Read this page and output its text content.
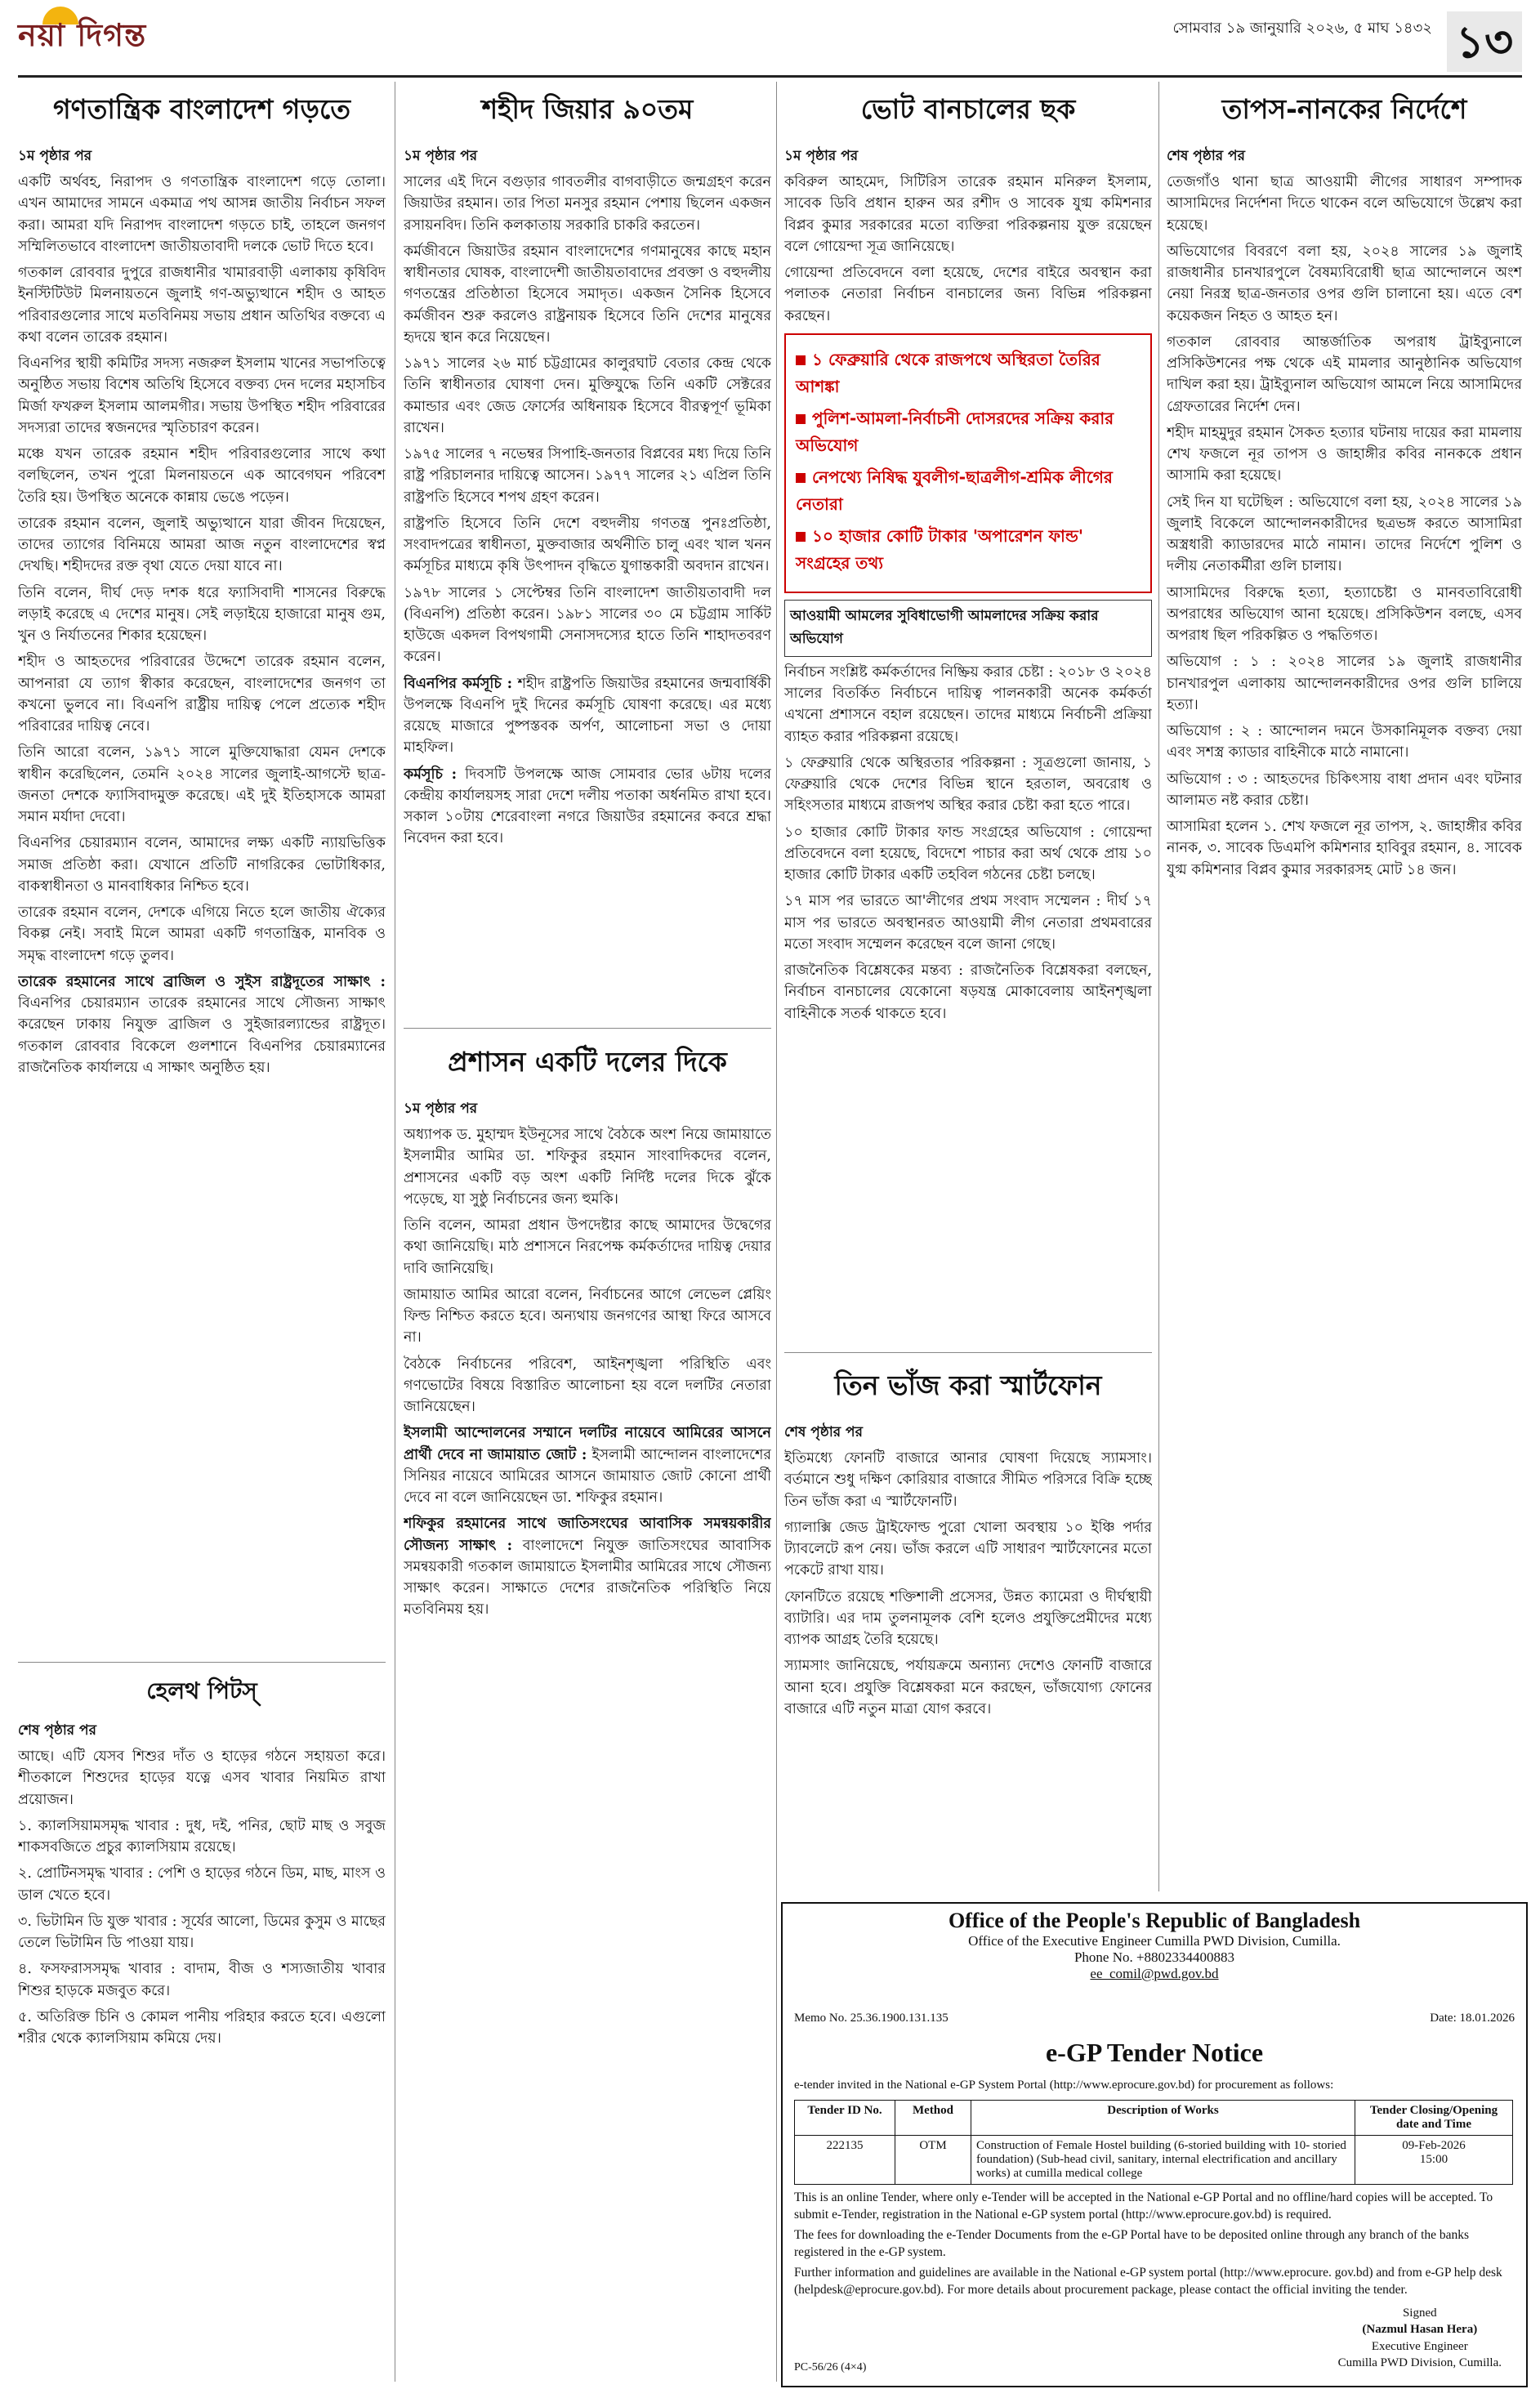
নয়া দিগন্ত	সোমবার ১৯ জানুয়ারি ২০২৬, ৫ মাঘ ১৪৩২ ১৩
গণতান্ত্রিক বাংলাদেশ গড়তে
১ম পৃষ্ঠার পর

একটি অর্থবহ, নিরাপদ ও গণতান্ত্রিক বাংলাদেশ গড়ে তোলা। এখন আমাদের সামনে একমাত্র পথ আসন্ন জাতীয় নির্বাচন সফল করা। আমরা যদি নিরাপদ বাংলাদেশ গড়তে চাই, তাহলে জনগণ সম্মিলিতভাবে বাংলাদেশ জাতীয়তাবাদী দলকে ভোট দিতে হবে।

গতকাল রোববার দুপুরে রাজধানীর খামারবাড়ী এলাকায় কৃষিবিদ ইনস্টিটিউট মিলনায়তনে জুলাই গণ-অভ্যুত্থানে শহীদ ও আহত পরিবারগুলোর সাথে মতবিনিময় সভায় প্রধান অতিথির বক্তব্যে এ কথা বলেন তারেক রহমান।

বিএনপির স্থায়ী কমিটির সদস্য নজরুল ইসলাম খানের সভাপতিত্বে অনুষ্ঠিত সভায় বিশেষ অতিথি হিসেবে বক্তব্য দেন দলের মহাসচিব মির্জা ফখরুল ইসলাম আলমগীর। সভায় উপস্থিত শহীদ পরিবারের সদস্যরা তাদের স্বজনদের স্মৃতিচারণ করেন।

মঞ্চে যখন তারেক রহমান শহীদ পরিবারগুলোর সাথে কথা বলছিলেন, তখন পুরো মিলনায়তনে এক আবেগঘন পরিবেশ তৈরি হয়। উপস্থিত অনেকে কান্নায় ভেঙে পড়েন।

তারেক রহমান বলেন, জুলাই অভ্যুত্থানে যারা জীবন দিয়েছেন, তাদের ত্যাগের বিনিময়ে আমরা আজ নতুন বাংলাদেশের স্বপ্ন দেখছি। শহীদদের রক্ত বৃথা যেতে দেয়া যাবে না।

তিনি বলেন, দীর্ঘ দেড় দশক ধরে ফ্যাসিবাদী শাসনের বিরুদ্ধে লড়াই করেছে এ দেশের মানুষ। সেই লড়াইয়ে হাজারো মানুষ গুম, খুন ও নির্যাতনের শিকার হয়েছেন।

শহীদ ও আহতদের পরিবারের উদ্দেশে তারেক রহমান বলেন, আপনারা যে ত্যাগ স্বীকার করেছেন, বাংলাদেশের জনগণ তা কখনো ভুলবে না। বিএনপি রাষ্ট্রীয় দায়িত্ব পেলে প্রত্যেক শহীদ পরিবারের দায়িত্ব নেবে।

তিনি আরো বলেন, ১৯৭১ সালে মুক্তিযোদ্ধারা যেমন দেশকে স্বাধীন করেছিলেন, তেমনি ২০২৪ সালের জুলাই-আগস্টে ছাত্র-জনতা দেশকে ফ্যাসিবাদমুক্ত করেছে। এই দুই ইতিহাসকে আমরা সমান মর্যাদা দেবো।

বিএনপির চেয়ারম্যান বলেন, আমাদের লক্ষ্য একটি ন্যায়ভিত্তিক সমাজ প্রতিষ্ঠা করা। যেখানে প্রতিটি নাগরিকের ভোটাধিকার, বাকস্বাধীনতা ও মানবাধিকার নিশ্চিত হবে।

তারেক রহমান বলেন, দেশকে এগিয়ে নিতে হলে জাতীয় ঐক্যের বিকল্প নেই। সবাই মিলে আমরা একটি গণতান্ত্রিক, মানবিক ও সমৃদ্ধ বাংলাদেশ গড়ে তুলব।

তারেক রহমানের সাথে ব্রাজিল ও সুইস রাষ্ট্রদূতের সাক্ষাৎ : বিএনপির চেয়ারম্যান তারেক রহমানের সাথে সৌজন্য সাক্ষাৎ করেছেন ঢাকায় নিযুক্ত ব্রাজিল ও সুইজারল্যান্ডের রাষ্ট্রদূত। গতকাল রোববার বিকেলে গুলশানে বিএনপির চেয়ারম্যানের রাজনৈতিক কার্যালয়ে এ সাক্ষাৎ অনুষ্ঠিত হয়।

হেলথ পিটস্
শেষ পৃষ্ঠার পর

আছে। এটি যেসব শিশুর দাঁত ও হাড়ের গঠনে সহায়তা করে। শীতকালে শিশুদের হাড়ের যত্নে এসব খাবার নিয়মিত রাখা প্রয়োজন।

১. ক্যালসিয়ামসমৃদ্ধ খাবার : দুধ, দই, পনির, ছোট মাছ ও সবুজ শাকসবজিতে প্রচুর ক্যালসিয়াম রয়েছে।

২. প্রোটিনসমৃদ্ধ খাবার : পেশি ও হাড়ের গঠনে ডিম, মাছ, মাংস ও ডাল খেতে হবে।

৩. ভিটামিন ডি যুক্ত খাবার : সূর্যের আলো, ডিমের কুসুম ও মাছের তেলে ভিটামিন ডি পাওয়া যায়।

৪. ফসফরাসসমৃদ্ধ খাবার : বাদাম, বীজ ও শস্যজাতীয় খাবার শিশুর হাড়কে মজবুত করে।

৫. অতিরিক্ত চিনি ও কোমল পানীয় পরিহার করতে হবে। এগুলো শরীর থেকে ক্যালসিয়াম কমিয়ে দেয়।

শহীদ জিয়ার ৯০তম
১ম পৃষ্ঠার পর

সালের এই দিনে বগুড়ার গাবতলীর বাগবাড়ীতে জন্মগ্রহণ করেন জিয়াউর রহমান। তার পিতা মনসুর রহমান পেশায় ছিলেন একজন রসায়নবিদ। তিনি কলকাতায় সরকারি চাকরি করতেন।

কর্মজীবনে জিয়াউর রহমান বাংলাদেশের গণমানুষের কাছে মহান স্বাধীনতার ঘোষক, বাংলাদেশী জাতীয়তাবাদের প্রবক্তা ও বহুদলীয় গণতন্ত্রের প্রতিষ্ঠাতা হিসেবে সমাদৃত। একজন সৈনিক হিসেবে কর্মজীবন শুরু করলেও রাষ্ট্রনায়ক হিসেবে তিনি দেশের মানুষের হৃদয়ে স্থান করে নিয়েছেন।

১৯৭১ সালের ২৬ মার্চ চট্টগ্রামের কালুরঘাট বেতার কেন্দ্র থেকে তিনি স্বাধীনতার ঘোষণা দেন। মুক্তিযুদ্ধে তিনি একটি সেক্টরের কমান্ডার এবং জেড ফোর্সের অধিনায়ক হিসেবে বীরত্বপূর্ণ ভূমিকা রাখেন।

১৯৭৫ সালের ৭ নভেম্বর সিপাহি-জনতার বিপ্লবের মধ্য দিয়ে তিনি রাষ্ট্র পরিচালনার দায়িত্বে আসেন। ১৯৭৭ সালের ২১ এপ্রিল তিনি রাষ্ট্রপতি হিসেবে শপথ গ্রহণ করেন।

রাষ্ট্রপতি হিসেবে তিনি দেশে বহুদলীয় গণতন্ত্র পুনঃপ্রতিষ্ঠা, সংবাদপত্রের স্বাধীনতা, মুক্তবাজার অর্থনীতি চালু এবং খাল খনন কর্মসূচির মাধ্যমে কৃষি উৎপাদন বৃদ্ধিতে যুগান্তকারী অবদান রাখেন।

১৯৭৮ সালের ১ সেপ্টেম্বর তিনি বাংলাদেশ জাতীয়তাবাদী দল (বিএনপি) প্রতিষ্ঠা করেন। ১৯৮১ সালের ৩০ মে চট্টগ্রাম সার্কিট হাউজে একদল বিপথগামী সেনাসদস্যের হাতে তিনি শাহাদতবরণ করেন।

বিএনপির কর্মসূচি : শহীদ রাষ্ট্রপতি জিয়াউর রহমানের জন্মবার্ষিকী উপলক্ষে বিএনপি দুই দিনের কর্মসূচি ঘোষণা করেছে। এর মধ্যে রয়েছে মাজারে পুষ্পস্তবক অর্পণ, আলোচনা সভা ও দোয়া মাহফিল।

কর্মসূচি : দিবসটি উপলক্ষে আজ সোমবার ভোর ৬টায় দলের কেন্দ্রীয় কার্যালয়সহ সারা দেশে দলীয় পতাকা অর্ধনমিত রাখা হবে। সকাল ১০টায় শেরেবাংলা নগরে জিয়াউর রহমানের কবরে শ্রদ্ধা নিবেদন করা হবে।

প্রশাসন একটি দলের দিকে
১ম পৃষ্ঠার পর

অধ্যাপক ড. মুহাম্মদ ইউনূসের সাথে বৈঠকে অংশ নিয়ে জামায়াতে ইসলামীর আমির ডা. শফিকুর রহমান সাংবাদিকদের বলেন, প্রশাসনের একটি বড় অংশ একটি নির্দিষ্ট দলের দিকে ঝুঁকে পড়েছে, যা সুষ্ঠু নির্বাচনের জন্য হুমকি।

তিনি বলেন, আমরা প্রধান উপদেষ্টার কাছে আমাদের উদ্বেগের কথা জানিয়েছি। মাঠ প্রশাসনে নিরপেক্ষ কর্মকর্তাদের দায়িত্ব দেয়ার দাবি জানিয়েছি।

জামায়াত আমির আরো বলেন, নির্বাচনের আগে লেভেল প্লেয়িং ফিল্ড নিশ্চিত করতে হবে। অন্যথায় জনগণের আস্থা ফিরে আসবে না।

বৈঠকে নির্বাচনের পরিবেশ, আইনশৃঙ্খলা পরিস্থিতি এবং গণভোটের বিষয়ে বিস্তারিত আলোচনা হয় বলে দলটির নেতারা জানিয়েছেন।

ইসলামী আন্দোলনের সম্মানে দলটির নায়েবে আমিরের আসনে প্রার্থী দেবে না জামায়াত জোট : ইসলামী আন্দোলন বাংলাদেশের সিনিয়র নায়েবে আমিরের আসনে জামায়াত জোট কোনো প্রার্থী দেবে না বলে জানিয়েছেন ডা. শফিকুর রহমান।

শফিকুর রহমানের সাথে জাতিসংঘের আবাসিক সমন্বয়কারীর সৌজন্য সাক্ষাৎ : বাংলাদেশে নিযুক্ত জাতিসংঘের আবাসিক সমন্বয়কারী গতকাল জামায়াতে ইসলামীর আমিরের সাথে সৌজন্য সাক্ষাৎ করেন। সাক্ষাতে দেশের রাজনৈতিক পরিস্থিতি নিয়ে মতবিনিময় হয়।

ভোট বানচালের ছক
১ম পৃষ্ঠার পর

কবিরুল আহমেদ, সিটিরিস তারেক রহমান মনিরুল ইসলাম, সাবেক ডিবি প্রধান হারুন অর রশীদ ও সাবেক যুগ্ম কমিশনার বিপ্লব কুমার সরকারের মতো ব্যক্তিরা পরিকল্পনায় যুক্ত রয়েছেন বলে গোয়েন্দা সূত্র জানিয়েছে।

গোয়েন্দা প্রতিবেদনে বলা হয়েছে, দেশের বাইরে অবস্থান করা পলাতক নেতারা নির্বাচন বানচালের জন্য বিভিন্ন পরিকল্পনা করছেন।

১ ফেব্রুয়ারি থেকে রাজপথে অস্থিরতা তৈরির আশঙ্কা
পুলিশ-আমলা-নির্বাচনী দোসরদের সক্রিয় করার অভিযোগ
নেপথ্যে নিষিদ্ধ যুবলীগ-ছাত্রলীগ-শ্রমিক লীগের নেতারা
১০ হাজার কোটি টাকার 'অপারেশন ফান্ড' সংগ্রহের তথ্য
আওয়ামী আমলের সুবিধাভোগী আমলাদের সক্রিয় করার অভিযোগ

নির্বাচন সংশ্লিষ্ট কর্মকর্তাদের নিষ্ক্রিয় করার চেষ্টা : ২০১৮ ও ২০২৪ সালের বিতর্কিত নির্বাচনে দায়িত্ব পালনকারী অনেক কর্মকর্তা এখনো প্রশাসনে বহাল রয়েছেন। তাদের মাধ্যমে নির্বাচনী প্রক্রিয়া ব্যাহত করার পরিকল্পনা রয়েছে।

১ ফেব্রুয়ারি থেকে অস্থিরতার পরিকল্পনা : সূত্রগুলো জানায়, ১ ফেব্রুয়ারি থেকে দেশের বিভিন্ন স্থানে হরতাল, অবরোধ ও সহিংসতার মাধ্যমে রাজপথ অস্থির করার চেষ্টা করা হতে পারে।

১০ হাজার কোটি টাকার ফান্ড সংগ্রহের অভিযোগ : গোয়েন্দা প্রতিবেদনে বলা হয়েছে, বিদেশে পাচার করা অর্থ থেকে প্রায় ১০ হাজার কোটি টাকার একটি তহবিল গঠনের চেষ্টা চলছে।

১৭ মাস পর ভারতে আ'লীগের প্রথম সংবাদ সম্মেলন : দীর্ঘ ১৭ মাস পর ভারতে অবস্থানরত আওয়ামী লীগ নেতারা প্রথমবারের মতো সংবাদ সম্মেলন করেছেন বলে জানা গেছে।

রাজনৈতিক বিশ্লেষকের মন্তব্য : রাজনৈতিক বিশ্লেষকরা বলছেন, নির্বাচন বানচালের যেকোনো ষড়যন্ত্র মোকাবেলায় আইনশৃঙ্খলা বাহিনীকে সতর্ক থাকতে হবে।

তিন ভাঁজ করা স্মার্টফোন
শেষ পৃষ্ঠার পর

ইতিমধ্যে ফোনটি বাজারে আনার ঘোষণা দিয়েছে স্যামসাং। বর্তমানে শুধু দক্ষিণ কোরিয়ার বাজারে সীমিত পরিসরে বিক্রি হচ্ছে তিন ভাঁজ করা এ স্মার্টফোনটি।

গ্যালাক্সি জেড ট্রাইফোল্ড পুরো খোলা অবস্থায় ১০ ইঞ্চি পর্দার ট্যাবলেটে রূপ নেয়। ভাঁজ করলে এটি সাধারণ স্মার্টফোনের মতো পকেটে রাখা যায়।

ফোনটিতে রয়েছে শক্তিশালী প্রসেসর, উন্নত ক্যামেরা ও দীর্ঘস্থায়ী ব্যাটারি। এর দাম তুলনামূলক বেশি হলেও প্রযুক্তিপ্রেমীদের মধ্যে ব্যাপক আগ্রহ তৈরি হয়েছে।

স্যামসাং জানিয়েছে, পর্যায়ক্রমে অন্যান্য দেশেও ফোনটি বাজারে আনা হবে। প্রযুক্তি বিশ্লেষকরা মনে করছেন, ভাঁজযোগ্য ফোনের বাজারে এটি নতুন মাত্রা যোগ করবে।

তাপস-নানকের নির্দেশে
শেষ পৃষ্ঠার পর

তেজগাঁও থানা ছাত্র আওয়ামী লীগের সাধারণ সম্পাদক আসামিদের নির্দেশনা দিতে থাকেন বলে অভিযোগে উল্লেখ করা হয়েছে।

অভিযোগের বিবরণে বলা হয়, ২০২৪ সালের ১৯ জুলাই রাজধানীর চানখারপুলে বৈষম্যবিরোধী ছাত্র আন্দোলনে অংশ নেয়া নিরস্ত্র ছাত্র-জনতার ওপর গুলি চালানো হয়। এতে বেশ কয়েকজন নিহত ও আহত হন।

গতকাল রোববার আন্তর্জাতিক অপরাধ ট্রাইব্যুনালে প্রসিকিউশনের পক্ষ থেকে এই মামলার আনুষ্ঠানিক অভিযোগ দাখিল করা হয়। ট্রাইব্যুনাল অভিযোগ আমলে নিয়ে আসামিদের গ্রেফতারের নির্দেশ দেন।

শহীদ মাহমুদুর রহমান সৈকত হত্যার ঘটনায় দায়ের করা মামলায় শেখ ফজলে নূর তাপস ও জাহাঙ্গীর কবির নানককে প্রধান আসামি করা হয়েছে।

সেই দিন যা ঘটেছিল : অভিযোগে বলা হয়, ২০২৪ সালের ১৯ জুলাই বিকেলে আন্দোলনকারীদের ছত্রভঙ্গ করতে আসামিরা অস্ত্রধারী ক্যাডারদের মাঠে নামান। তাদের নির্দেশে পুলিশ ও দলীয় নেতাকর্মীরা গুলি চালায়।

আসামিদের বিরুদ্ধে হত্যা, হত্যাচেষ্টা ও মানবতাবিরোধী অপরাধের অভিযোগ আনা হয়েছে। প্রসিকিউশন বলছে, এসব অপরাধ ছিল পরিকল্পিত ও পদ্ধতিগত।

অভিযোগ : ১ : ২০২৪ সালের ১৯ জুলাই রাজধানীর চানখারপুল এলাকায় আন্দোলনকারীদের ওপর গুলি চালিয়ে হত্যা।

অভিযোগ : ২ : আন্দোলন দমনে উসকানিমূলক বক্তব্য দেয়া এবং সশস্ত্র ক্যাডার বাহিনীকে মাঠে নামানো।

অভিযোগ : ৩ : আহতদের চিকিৎসায় বাধা প্রদান এবং ঘটনার আলামত নষ্ট করার চেষ্টা।

আসামিরা হলেন ১. শেখ ফজলে নূর তাপস, ২. জাহাঙ্গীর কবির নানক, ৩. সাবেক ডিএমপি কমিশনার হাবিবুর রহমান, ৪. সাবেক যুগ্ম কমিশনার বিপ্লব কুমার সরকারসহ মোট ১৪ জন।

Office of the People's Republic of Bangladesh
Office of the Executive Engineer Cumilla PWD Division, Cumilla.
Phone No. +8802334400883
ee_comil@pwd.gov.bd
Memo No. 25.36.1900.131.135	Date: 18.01.2026
e-GP Tender Notice
e-tender invited in the National e-GP System Portal (http://www.eprocure.gov.bd) for procurement as follows:
Tender ID No.	Method	Description of Works	Tender Closing/Opening date and Time
222135	OTM	Construction of Female Hostel building (6-storied building with 10- storied foundation) (Sub-head civil, sanitary, internal electrification and ancillary works) at cumilla medical college	09-Feb-2026
15:00

This is an online Tender, where only e-Tender will be accepted in the National e-GP Portal and no offline/hard copies will be accepted. To submit e-Tender, registration in the National e-GP system portal (http://www.eprocure.gov.bd) is required.

The fees for downloading the e-Tender Documents from the e-GP Portal have to be deposited online through any branch of the banks registered in the e-GP system.

Further information and guidelines are available in the National e-GP system portal (http://www.eprocure. gov.bd) and from e-GP help desk (helpdesk@eprocure.gov.bd). For more details about procurement package, please contact the official inviting the tender.

Signed
(Nazmul Hasan Hera)
Executive Engineer
Cumilla PWD Division, Cumilla.
PC-56/26 (4×4)
